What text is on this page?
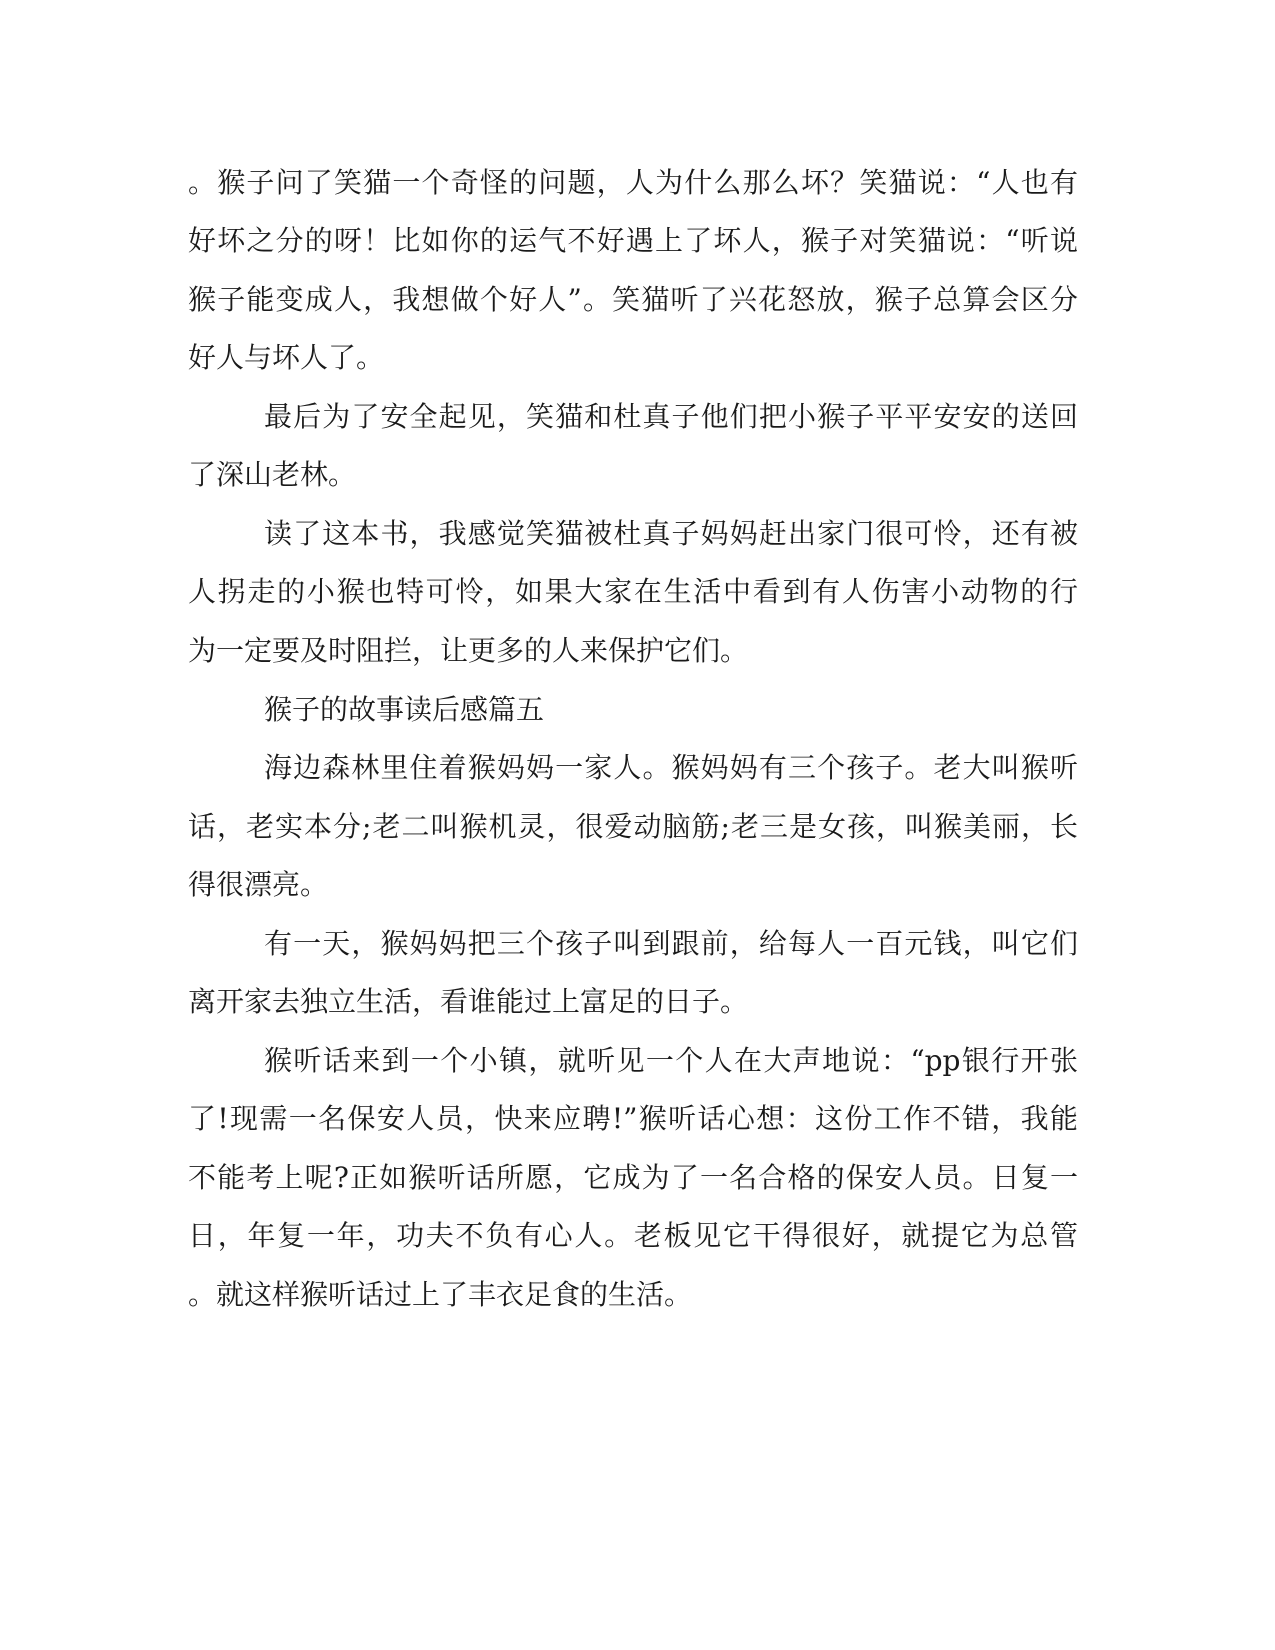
。猴子问了笑猫一个奇怪的问题，人为什么那么坏？笑猫说：“人也有
好坏之分的呀！比如你的运气不好遇上了坏人，猴子对笑猫说：“听说
猴子能变成人，我想做个好人”。笑猫听了兴花怒放，猴子总算会区分
好人与坏人了。
最后为了安全起见，笑猫和杜真子他们把小猴子平平安安的送回
了深山老林。
读了这本书，我感觉笑猫被杜真子妈妈赶出家门很可怜，还有被
人拐走的小猴也特可怜，如果大家在生活中看到有人伤害小动物的行
为一定要及时阻拦，让更多的人来保护它们。
猴子的故事读后感篇五
海边森林里住着猴妈妈一家人。猴妈妈有三个孩子。老大叫猴听
话，老实本分;老二叫猴机灵，很爱动脑筋;老三是女孩，叫猴美丽，长
得很漂亮。
有一天，猴妈妈把三个孩子叫到跟前，给每人一百元钱，叫它们
离开家去独立生活，看谁能过上富足的日子。
猴听话来到一个小镇，就听见一个人在大声地说：“pp银行开张
了!现需一名保安人员，快来应聘!”猴听话心想：这份工作不错，我能
不能考上呢?正如猴听话所愿，它成为了一名合格的保安人员。日复一
日，年复一年，功夫不负有心人。老板见它干得很好，就提它为总管
。就这样猴听话过上了丰衣足食的生活。
